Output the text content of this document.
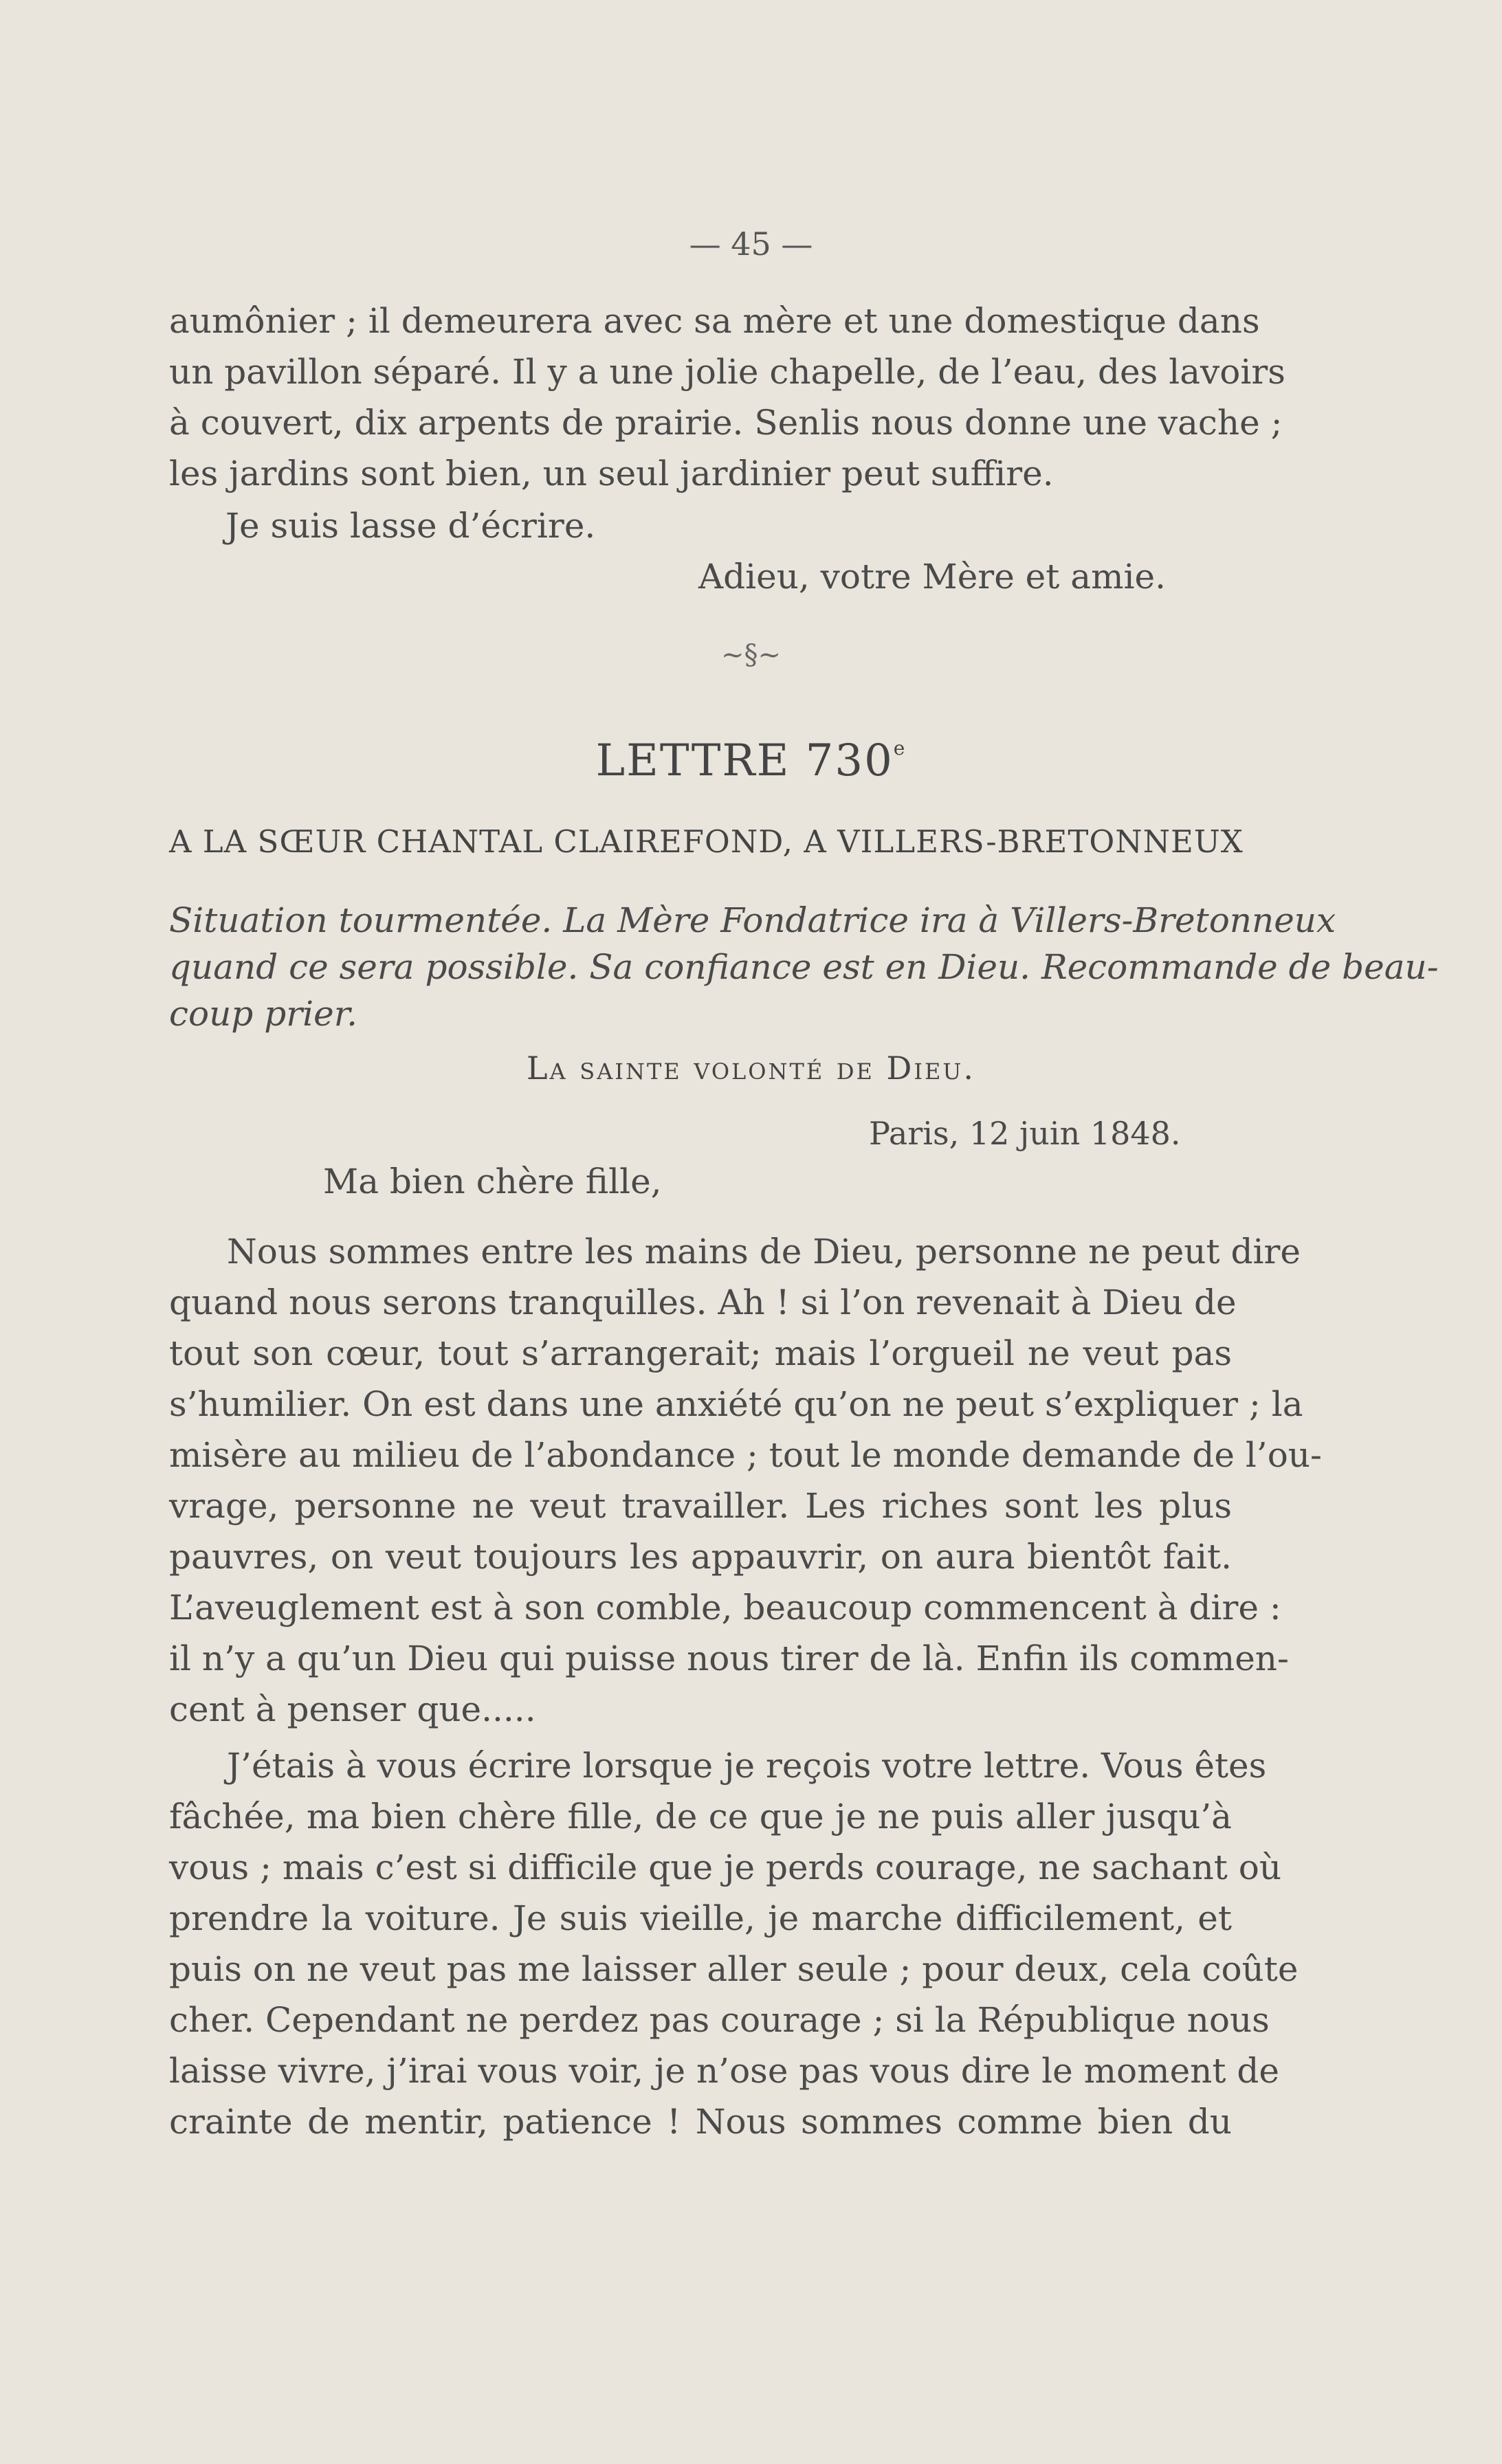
— 45 —
aumônier ; il demeurera avec sa mère et une domestique dans
un pavillon séparé. Il y a une jolie chapelle, de l’eau, des lavoirs
à couvert, dix arpents de prairie. Senlis nous donne une vache ;
les jardins sont bien, un seul jardinier peut suffire.
Je suis lasse d’écrire.
Adieu, votre Mère et amie.
~§~
LETTRE 730e
A LA SŒUR CHANTAL CLAIREFOND, A VILLERS-BRETONNEUX
Situation tourmentée. La Mère Fondatrice ira à Villers-Bretonneux
quand ce sera possible. Sa confiance est en Dieu. Recommande de beau-
coup prier.
La sainte volonté de Dieu.
Paris, 12 juin 1848.
Ma bien chère fille,
Nous sommes entre les mains de Dieu, personne ne peut dire
quand nous serons tranquilles. Ah ! si l’on revenait à Dieu de
tout son cœur, tout s’arrangerait; mais l’orgueil ne veut pas
s’humilier. On est dans une anxiété qu’on ne peut s’expliquer ; la
misère au milieu de l’abondance ; tout le monde demande de l’ou-
vrage, personne ne veut travailler. Les riches sont les plus
pauvres, on veut toujours les appauvrir, on aura bientôt fait.
L’aveuglement est à son comble, beaucoup commencent à dire :
il n’y a qu’un Dieu qui puisse nous tirer de là. Enfin ils commen-
cent à penser que.....
J’étais à vous écrire lorsque je reçois votre lettre. Vous êtes
fâchée, ma bien chère fille, de ce que je ne puis aller jusqu’à
vous ; mais c’est si difficile que je perds courage, ne sachant où
prendre la voiture. Je suis vieille, je marche difficilement, et
puis on ne veut pas me laisser aller seule ; pour deux, cela coûte
cher. Cependant ne perdez pas courage ; si la République nous
laisse vivre, j’irai vous voir, je n’ose pas vous dire le moment de
crainte de mentir, patience ! Nous sommes comme bien du
